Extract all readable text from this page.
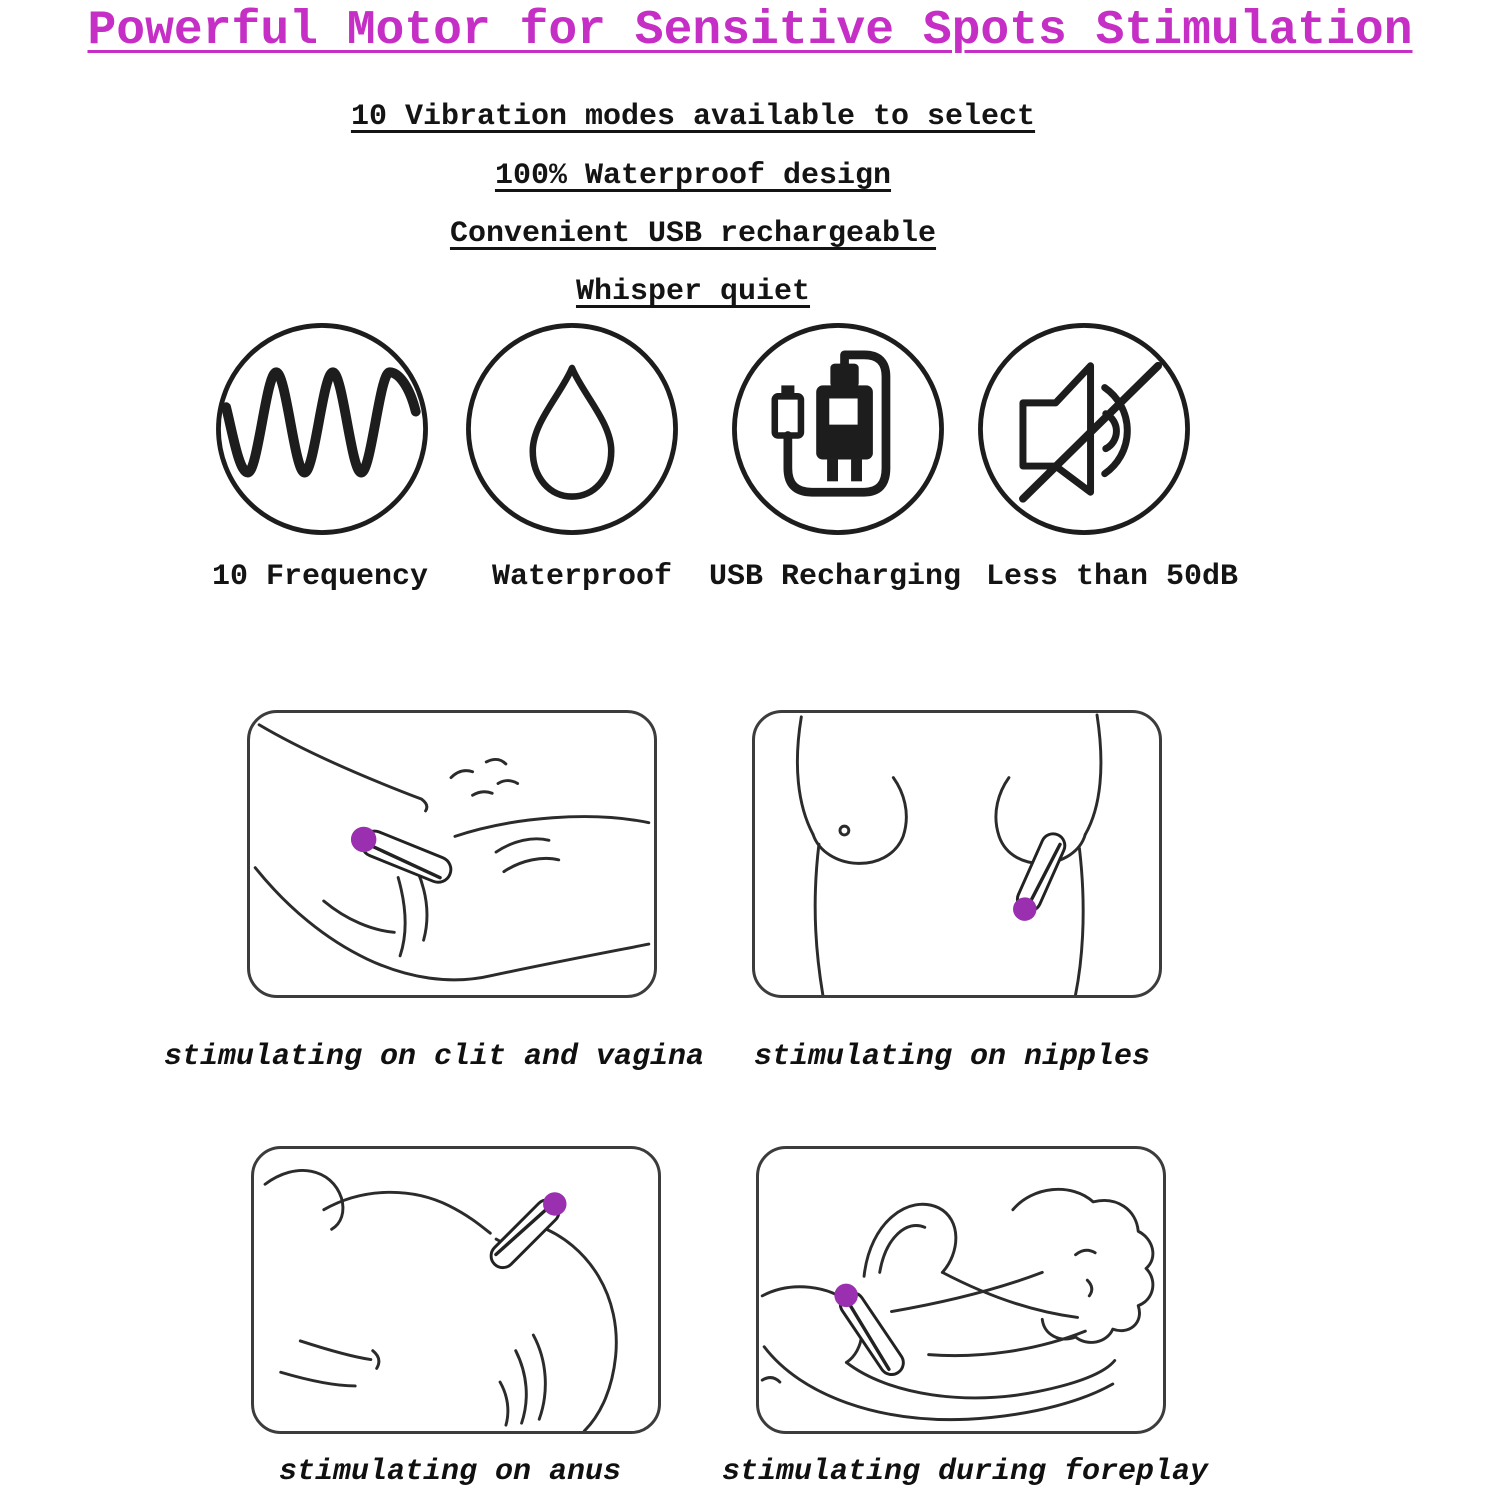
Powerful Motor for Sensitive Spots Stimulation
10 Vibration modes available to select
100% Waterproof design
Convenient USB rechargeable
Whisper quiet
10 Frequency Waterproof USB Recharging Less than 50dB
stimulating on clit and vagina stimulating on nipples
stimulating on anus	stimulating during foreplay
